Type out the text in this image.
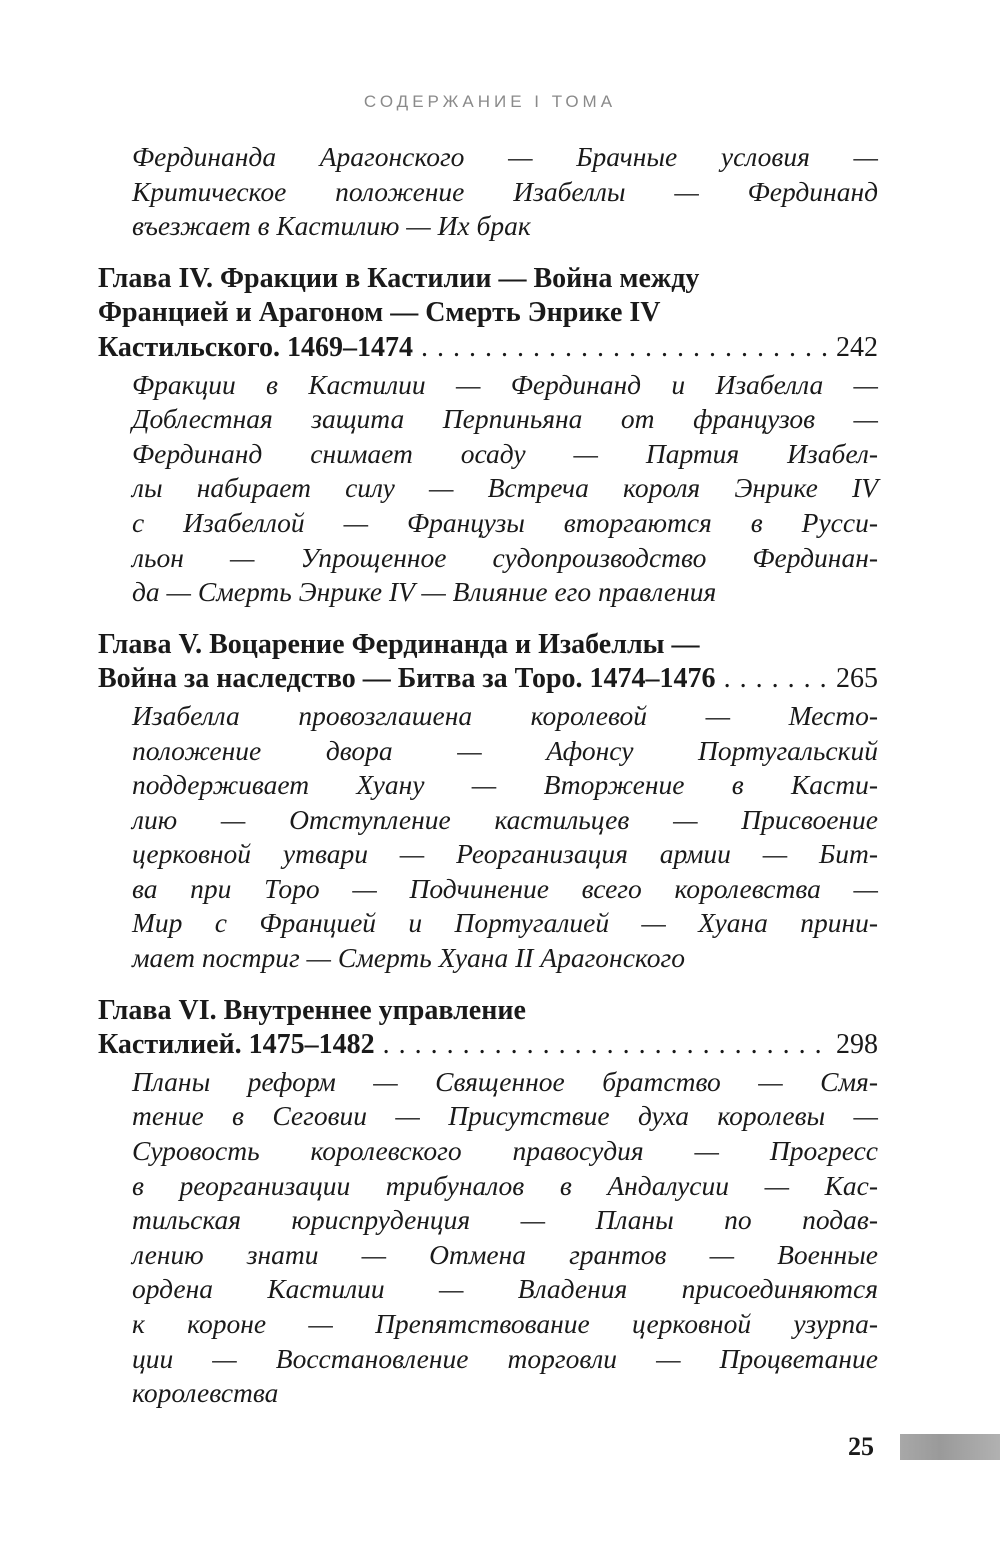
СОДЕРЖАНИЕ I ТОМА
Фердинанда Арагонского — Брачные условия —
Критическое положение Изабеллы — Фердинанд
въезжает в Кастилию — Их брак
Глава IV. Фракции в Кастилии — Война между
Францией и Арагоном — Смерть Энрике IV
Кастильского. 1469–1474 . . .	242
Фракции в Кастилии — Фердинанд и Изабелла —
Доблестная защита Перпиньяна от французов —
Фердинанд снимает осаду — Партия Изабел-
лы набирает силу — Встреча короля Энрике IV
с Изабеллой — Французы вторгаются в Русси-
льон — Упрощенное судопроизводство Фердинан-
да — Смерть Энрике IV — Влияние его правления
Глава V. Воцарение Фердинанда и Изабеллы —
Война за наследство — Битва за Торо. 1474–1476 . . .	265
Изабелла провозглашена королевой — Место-
положение двора — Афонсу Португальский
поддерживает Хуану — Вторжение в Касти-
лию — Отступление кастильцев — Присвоение
церковной утвари — Реорганизация армии — Бит-
ва при Торо — Подчинение всего королевства —
Мир с Францией и Португалией — Хуана прини-
мает постриг — Смерть Хуана II Арагонского
Глава VI. Внутреннее управление
Кастилией. 1475–1482 . . .	298
Планы реформ — Священное братство — Смя-
тение в Сеговии — Присутствие духа королевы —
Суровость королевского правосудия — Прогресс
в реорганизации трибуналов в Андалусии — Кас-
тильская юриспруденция — Планы по подав-
лению знати — Отмена грантов — Военные
ордена Кастилии — Владения присоединяются
к короне — Препятствование церковной узурпа-
ции — Восстановление торговли — Процветание
королевства
25
